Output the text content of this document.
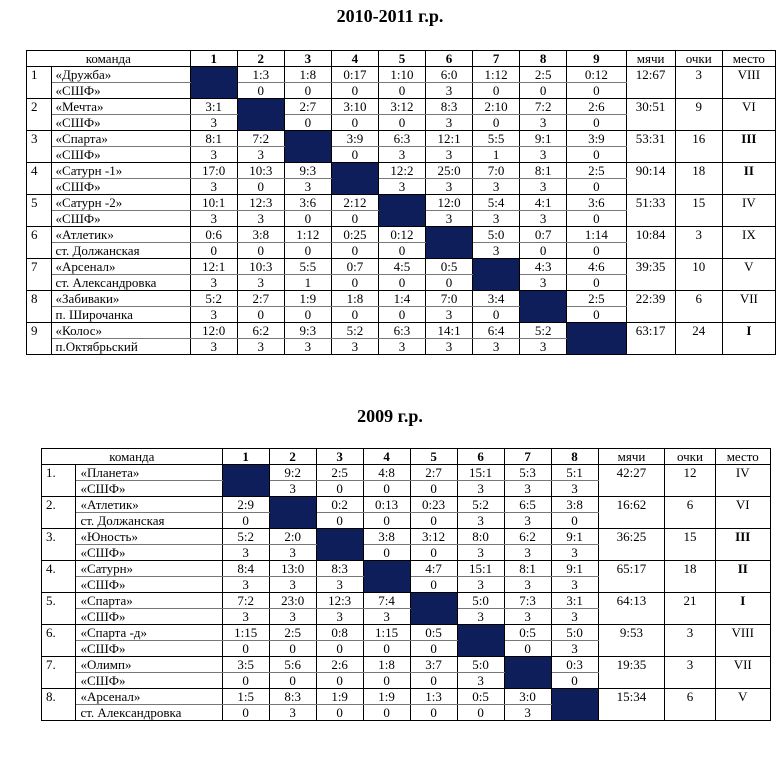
2010-2011 г.р.
команда		1	2	3	4	5	6	7	8	9	мячи	очки	место
1	«Дружба»		1:3	1:8	0:17	1:10	6:0	1:12	2:5	0:12	12:67	3	VIII
	«СШФ»		0	0	0	0	3	0	0	0			
2	«Мечта»	3:1		2:7	3:10	3:12	8:3	2:10	7:2	2:6	30:51	9	VI
	«СШФ»	3		0	0	0	3	0	3	0			
3	«Спарта»	8:1	7:2		3:9	6:3	12:1	5:5	9:1	3:9	53:31	16	III
	«СШФ»	3	3		0	3	3	1	3	0			
4	«Сатурн -1»	17:0	10:3	9:3		12:2	25:0	7:0	8:1	2:5	90:14	18	II
	«СШФ»	3	0	3		3	3	3	3	0			
5	«Сатурн -2»	10:1	12:3	3:6	2:12		12:0	5:4	4:1	3:6	51:33	15	IV
	«СШФ»	3	3	0	0		3	3	3	0			
6	«Атлетик»	0:6	3:8	1:12	0:25	0:12		5:0	0:7	1:14	10:84	3	IX
	ст. Должанская	0	0	0	0	0		3	0	0			
7	«Арсенал»	12:1	10:3	5:5	0:7	4:5	0:5		4:3	4:6	39:35	10	V
	ст. Александровка	3	3	1	0	0	0		3	0			
8	«Забиваки»	5:2	2:7	1:9	1:8	1:4	7:0	3:4		2:5	22:39	6	VII
	п. Широчанка	3	0	0	0	0	3	0		0			
9	«Колос»	12:0	6:2	9:3	5:2	6:3	14:1	6:4	5:2		63:17	24	I
	п.Октябрьский	3	3	3	3	3	3	3	3				
2009 г.р.
команда		1	2	3	4	5	6	7	8	мячи	очки	место
1.	«Планета»		9:2	2:5	4:8	2:7	15:1	5:3	5:1	42:27	12	IV
	«СШФ»		3	0	0	0	3	3	3			
2.	«Атлетик»	2:9		0:2	0:13	0:23	5:2	6:5	3:8	16:62	6	VI
	ст. Должанская	0		0	0	0	3	3	0			
3.	«Юность»	5:2	2:0		3:8	3:12	8:0	6:2	9:1	36:25	15	III
	«СШФ»	3	3		0	0	3	3	3			
4.	«Сатурн»	8:4	13:0	8:3		4:7	15:1	8:1	9:1	65:17	18	II
	«СШФ»	3	3	3		0	3	3	3			
5.	«Спарта»	7:2	23:0	12:3	7:4		5:0	7:3	3:1	64:13	21	I
	«СШФ»	3	3	3	3		3	3	3			
6.	«Спарта -д»	1:15	2:5	0:8	1:15	0:5		0:5	5:0	9:53	3	VIII
	«СШФ»	0	0	0	0	0		0	3			
7.	«Олимп»	3:5	5:6	2:6	1:8	3:7	5:0		0:3	19:35	3	VII
	«СШФ»	0	0	0	0	0	3		0			
8.	«Арсенал»	1:5	8:3	1:9	1:9	1:3	0:5	3:0		15:34	6	V
	ст. Александровка	0	3	0	0	0	0	3				
